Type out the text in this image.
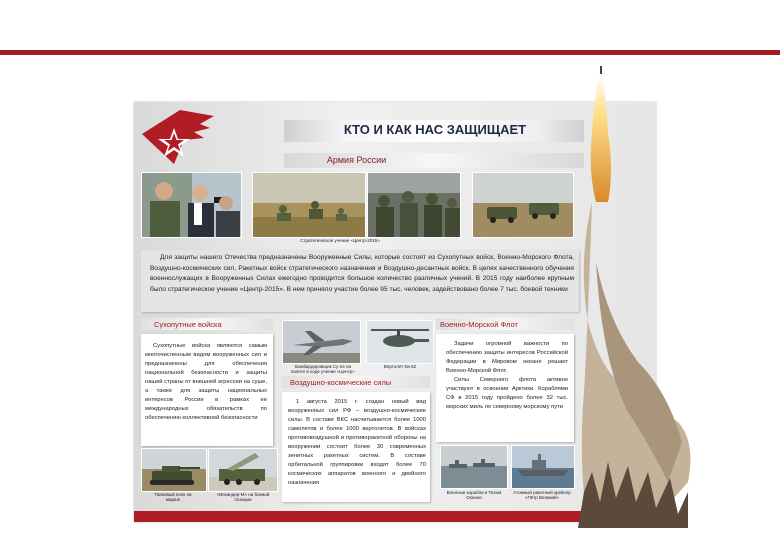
КТО И КАК НАС ЗАЩИЩАЕТ
Армия России
Стратегическое учение «Центр-2015»
Для защиты нашего Отечества предназначены Вооруженные Силы, которые состоят из Сухопутных войск, Военно-Морского Флота, Воздушно-космических сил, Ракетных войск стратегического назначения и Воздушно-десантных войск. В целях качественного обучения военнослужащих в Вооруженных Силах ежегодно проводится большое количество различных учений. В 2015 году наиболее крупным было стратегическое учение «Центр-2015». В нем приняло участие более 95 тыс. человек, задействовано более 7 тыс. боевой техники
Сухопутные войска
Сухопутные войска являются самым многочисленным видом вооруженных сил и предназначены для обеспечения национальной безопасности и защиты нашей страны от внешней агрессии на суше, а также для защиты национальных интересов России в рамках ее международных обязательств по обеспечению коллективной безопасности
Танковый полк на марше
«Искандер-М» на боевой позиции
Бомбардировщик Су-24 на взлете в ходе учения «Центр»
Вертолет Ка-52
Воздушно-космические силы
1 августа 2015 г. создан новый вид вооруженных сил РФ – воздушно-космические силы. В составе ВКС насчитывается более 1000 самолетов и более 1000 вертолетов. В войсках противовоздушной и противоракетной обороны на вооружении состоит более 30 современных зенитных ракетных систем. В составе орбитальной группировки входят более 70 космических аппаратов военного и двойного назначения
Военно-Морской Флот

Задачи огромной важности по обеспечению защиты интересов Российской Федерации в Мировом океане решает Военно-Морской Флот.

Силы Северного флота активно участвуют в освоении Арктики. Кораблями СФ в 2015 году пройдено более 32 тыс. морских миль по северному морскому пути

Военные корабли в Тихом Океане
Атомный ракетный крейсер «Пётр Великий»
